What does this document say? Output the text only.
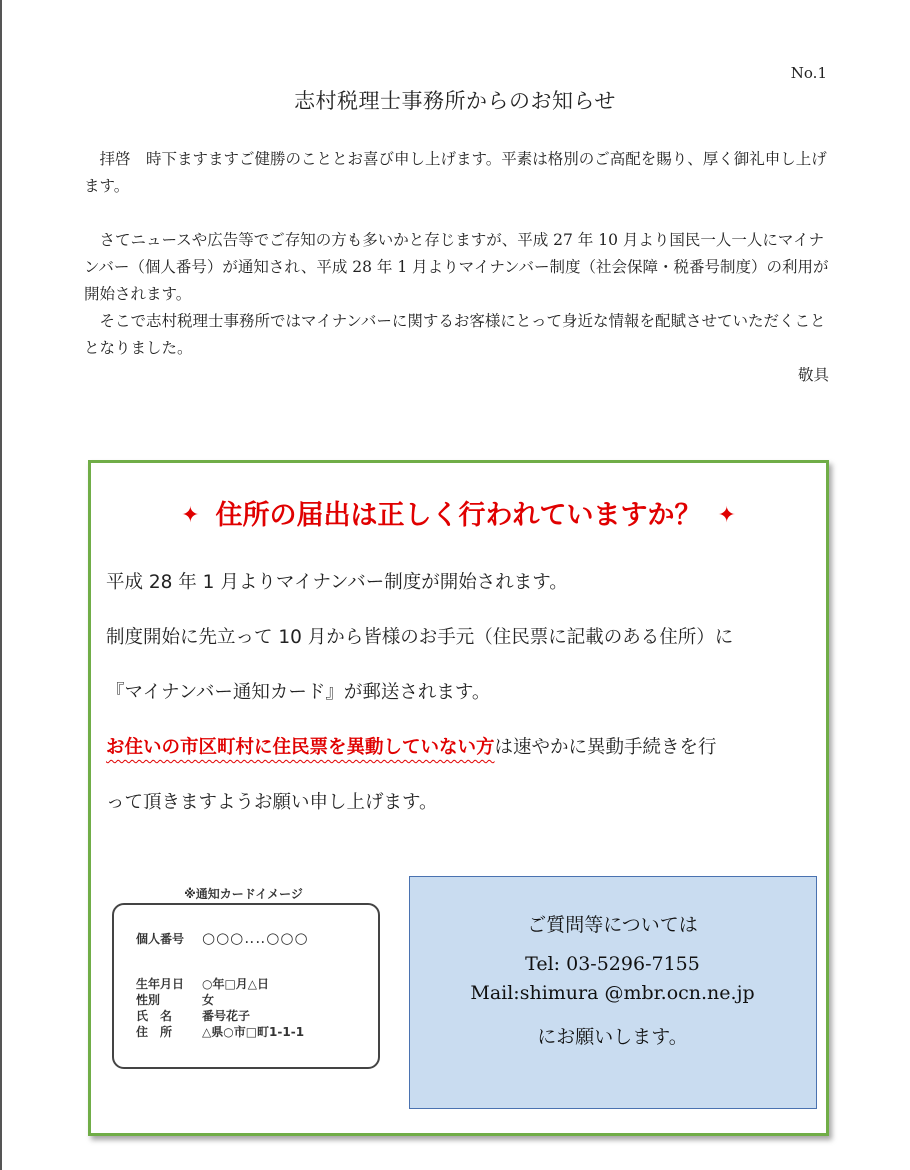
No.1
志村税理士事務所からのお知らせ

拝啓　時下ますますご健勝のこととお喜び申し上げます。平素は格別のご高配を賜り、厚く御礼申し上げます。

さてニュースや広告等でご存知の方も多いかと存じますが、平成 27 年 10 月より国民一人一人にマイナンバー（個人番号）が通知され、平成 28 年 1 月よりマイナンバー制度（社会保障・税番号制度）の利用が開始されます。

そこで志村税理士事務所ではマイナンバーに関するお客様にとって身近な情報を配賦させていただくこととなりました。

敬具

✦ 住所の届出は正しく行われていますか？ ✦
平成 28 年 1 月よりマイナンバー制度が開始されます。
制度開始に先立って 10 月から皆様のお手元（住民票に記載のある住所）に
『マイナンバー通知カード』が郵送されます。
お住いの市区町村に住民票を異動していない方は速やかに異動手続きを行
って頂きますようお願い申し上げます。
※通知カードイメージ
個人番号 ○○○‥‥○○○
生年月日 ○年□月△日
性別	女
氏　名 番号花子
住　所 △県○市□町1-1-1
ご質問等については
Tel: 03-5296-7155
Mail:shimura @mbr.ocn.ne.jp
にお願いします。
